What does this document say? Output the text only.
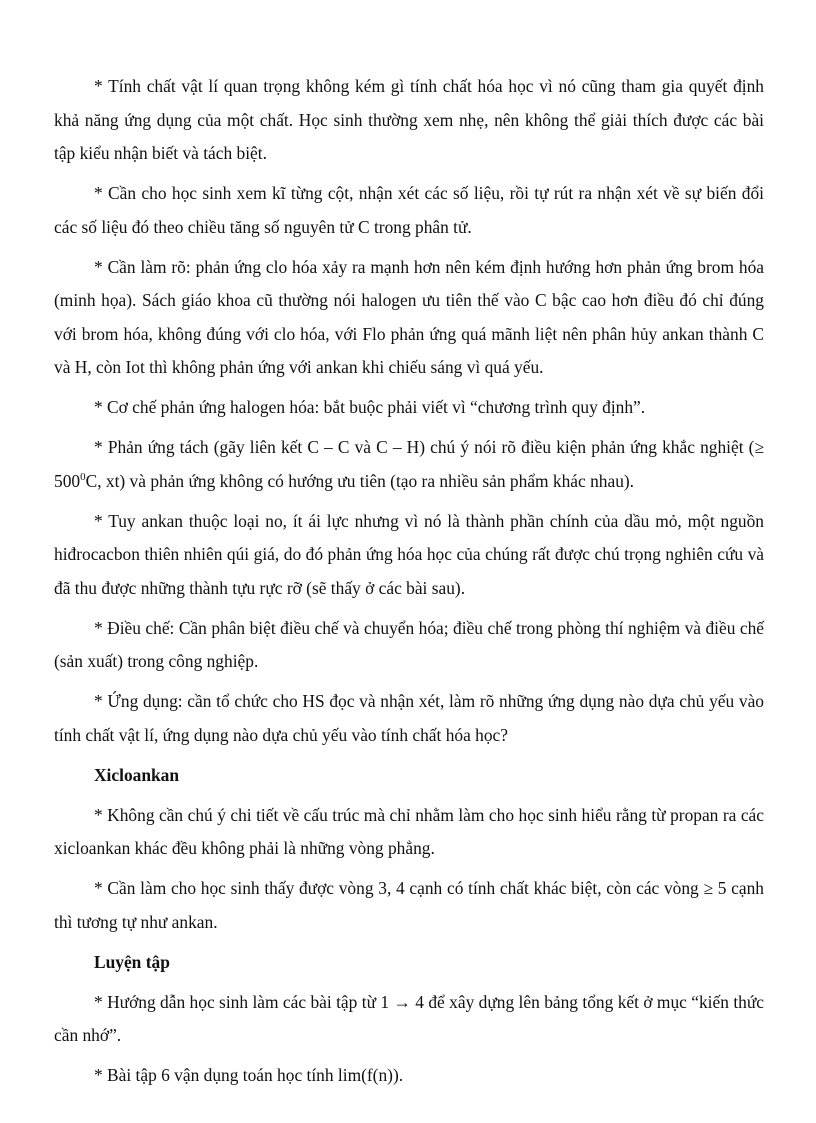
* Tính chất vật lí quan trọng không kém gì tính chất hóa học vì nó cũng tham gia quyết định khả năng ứng dụng của một chất. Học sinh thường xem nhẹ, nên không thể giải thích được các bài tập kiểu nhận biết và tách biệt.

* Cần cho học sinh xem kĩ từng cột, nhận xét các số liệu, rồi tự rút ra nhận xét về sự biến đổi các số liệu đó theo chiều tăng số nguyên tử C trong phân tử.

* Cần làm rõ: phản ứng clo hóa xảy ra mạnh hơn nên kém định hướng hơn phản ứng brom hóa (minh họa). Sách giáo khoa cũ thường nói halogen ưu tiên thế vào C bậc cao hơn điều đó chỉ đúng với brom hóa, không đúng với clo hóa, với Flo phản ứng quá mãnh liệt nên phân hủy ankan thành C và H, còn Iot thì không phản ứng với ankan khi chiếu sáng vì quá yếu.

* Cơ chế phản ứng halogen hóa: bắt buộc phải viết vì “chương trình quy định”.

* Phản ứng tách (gãy liên kết C – C và C – H) chú ý nói rõ điều kiện phản ứng khắc nghiệt (≥ $500^0C$, xt) và phản ứng không có hướng ưu tiên (tạo ra nhiều sản phẩm khác nhau).

* Tuy ankan thuộc loại no, ít ái lực nhưng vì nó là thành phần chính của dầu mỏ, một nguồn hiđrocacbon thiên nhiên qúi giá, do đó phản ứng hóa học của chúng rất được chú trọng nghiên cứu và đã thu được những thành tựu rực rỡ (sẽ thấy ở các bài sau).

* Điều chế: Cần phân biệt điều chế và chuyển hóa; điều chế trong phòng thí nghiệm và điều chế (sản xuất) trong công nghiệp.

* Ứng dụng: cần tổ chức cho HS đọc và nhận xét, làm rõ những ứng dụng nào dựa chủ yếu vào tính chất vật lí, ứng dụng nào dựa chủ yếu vào tính chất hóa học?

Xicloankan

* Không cần chú ý chi tiết về cấu trúc mà chỉ nhằm làm cho học sinh hiểu rằng từ propan ra các xicloankan khác đều không phải là những vòng phẳng.

* Cần làm cho học sinh thấy được vòng 3, 4 cạnh có tính chất khác biệt, còn các vòng ≥ 5 cạnh thì tương tự như ankan.

Luyện tập

* Hướng dẫn học sinh làm các bài tập từ 1 → 4 để xây dựng lên bảng tổng kết ở mục “kiến thức cần nhớ”.

* Bài tập 6 vận dụng toán học tính lim(f(n)).
